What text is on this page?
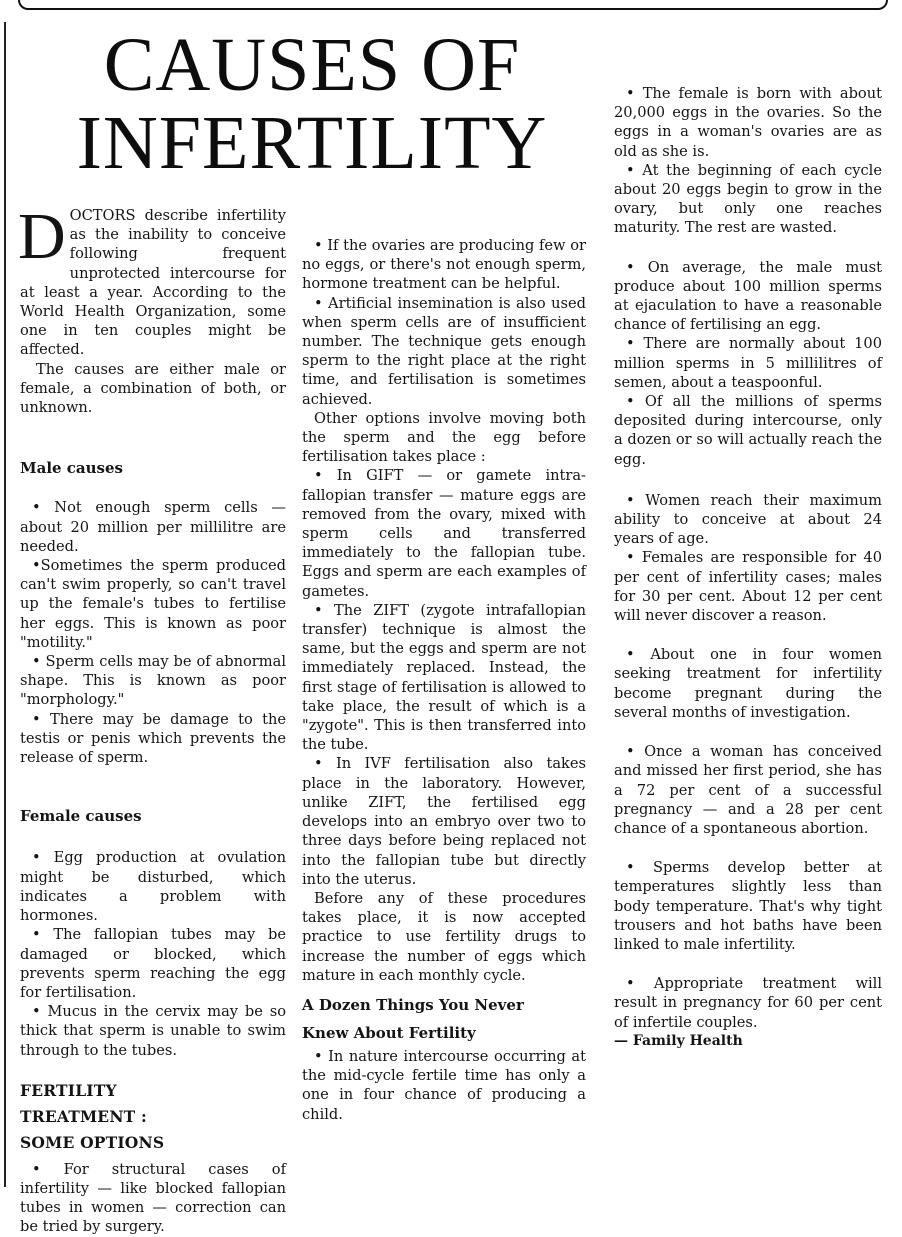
CAUSES OF
INFERTILITY

DOCTORS describe infertility as the inability to conceive following frequent unprotected intercourse for at least a year. According to the World Health Organization, some one in ten couples might be affected.

The causes are either male or female, a combination of both, or unknown.

Male causes

• Not enough sperm cells — about 20 million per millilitre are needed.

•Sometimes the sperm produced can't swim properly, so can't travel up the female's tubes to fertilise her eggs. This is known as poor "motility."

• Sperm cells may be of abnormal shape. This is known as poor "morphology."

• There may be damage to the testis or penis which prevents the release of sperm.

Female causes

• Egg production at ovulation might be disturbed, which indicates a problem with hormones.

• The fallopian tubes may be damaged or blocked, which prevents sperm reaching the egg for fertilisation.

• Mucus in the cervix may be so thick that sperm is unable to swim through to the tubes.

FERTILITY

TREATMENT :

SOME OPTIONS

• For structural cases of infertility — like blocked fallopian tubes in women — correction can be tried by surgery.

• If the ovaries are producing few or no eggs, or there's not enough sperm, hormone treatment can be helpful.

• Artificial insemination is also used when sperm cells are of insufficient number. The technique gets enough sperm to the right place at the right time, and fertilisation is sometimes achieved.

Other options involve moving both the sperm and the egg before fertilisation takes place :

• In GIFT — or gamete intra-fallopian transfer — mature eggs are removed from the ovary, mixed with sperm cells and transferred immediately to the fallopian tube. Eggs and sperm are each examples of gametes.

• The ZIFT (zygote intrafallopian transfer) technique is almost the same, but the eggs and sperm are not immediately replaced. Instead, the first stage of fertilisation is allowed to take place, the result of which is a "zygote". This is then transferred into the tube.

• In IVF fertilisation also takes place in the laboratory. However, unlike ZIFT, the fertilised egg develops into an embryo over two to three days before being replaced not into the fallopian tube but directly into the uterus.

Before any of these procedures takes place, it is now accepted practice to use fertility drugs to increase the number of eggs which mature in each monthly cycle.

A Dozen Things You Never

Knew About Fertility

• In nature intercourse occurring at the mid-cycle fertile time has only a one in four chance of producing a child.

• The female is born with about 20,000 eggs in the ovaries. So the eggs in a woman's ovaries are as old as she is.

• At the beginning of each cycle about 20 eggs begin to grow in the ovary, but only one reaches maturity. The rest are wasted.

• On average, the male must produce about 100 million sperms at ejaculation to have a reasonable chance of fertilising an egg.

• There are normally about 100 million sperms in 5 millilitres of semen, about a teaspoonful.

• Of all the millions of sperms deposited during intercourse, only a dozen or so will actually reach the egg.

• Women reach their maximum ability to conceive at about 24 years of age.

• Females are responsible for 40 per cent of infertility cases; males for 30 per cent. About 12 per cent will never discover a reason.

• About one in four women seeking treatment for infertility become pregnant during the several months of investigation.

• Once a woman has conceived and missed her first period, she has a 72 per cent of a successful pregnancy — and a 28 per cent chance of a spontaneous abortion.

• Sperms develop better at temperatures slightly less than body temperature. That's why tight trousers and hot baths have been linked to male infertility.

• Appropriate treatment will result in pregnancy for 60 per cent of infertile couples.

— Family Health
